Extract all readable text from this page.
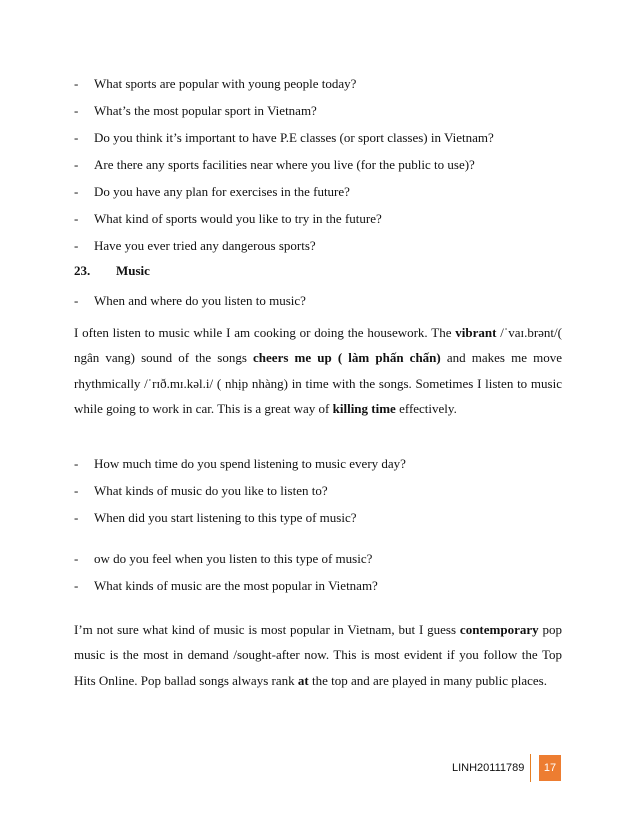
- What sports are popular with young people today?
- What’s the most popular sport in Vietnam?
- Do you think it’s important to have P.E classes (or sport classes) in Vietnam?
- Are there any sports facilities near where you live (for the public to use)?
- Do you have any plan for exercises in the future?
- What kind of sports would you like to try in the future?
- Have you ever tried any dangerous sports?
23. Music
- When and where do you listen to music?
I often listen to music while I am cooking or doing the housework. The vibrant /ˈvaɪ.brənt/( ngân vang) sound of the songs cheers me up ( làm phấn chấn) and makes me move rhythmically /ˈrɪð.mɪ.kəl.i/ ( nhịp nhàng) in time with the songs. Sometimes I listen to music while going to work in car. This is a great way of killing time effectively.
- How much time do you spend listening to music every day?
- What kinds of music do you like to listen to?
- When did you start listening to this type of music?
- ow do you feel when you listen to this type of music?
- What kinds of music are the most popular in Vietnam?
I’m not sure what kind of music is most popular in Vietnam, but I guess contemporary pop music is the most in demand /sought-after now. This is most evident if you follow the Top Hits Online. Pop ballad songs always rank at the top and are played in many public places.
LINH20111789	17
